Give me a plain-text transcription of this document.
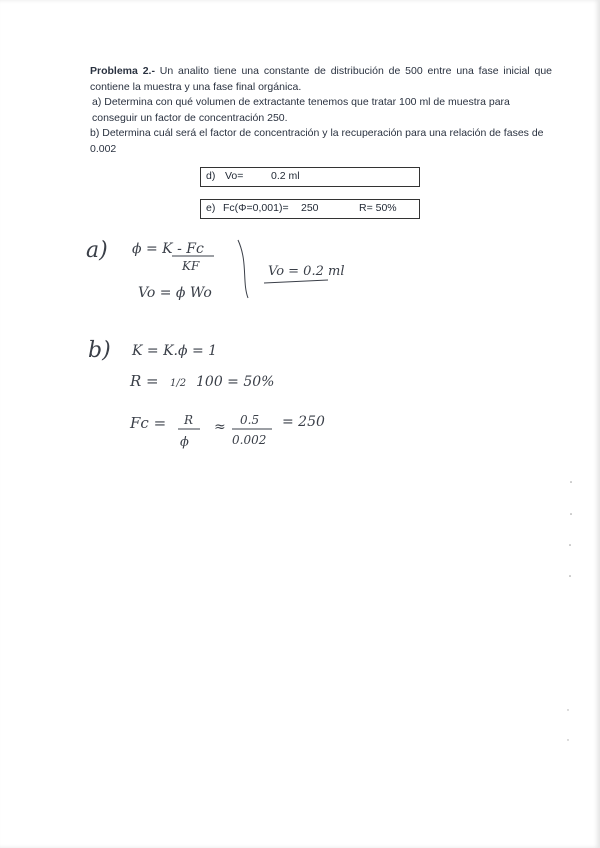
Problema 2.- Un analito tiene una constante de distribución de 500 entre una fase inicial que contiene la muestra y una fase final orgánica.

a) Determina con qué volumen de extractante tenemos que tratar 100 ml de muestra para conseguir un factor de concentración 250.

b) Determina cuál será el factor de concentración y la recuperación para una relación de fases de 0.002

d) Vo=	0.2 ml
e) Fc(Φ=0,001)= 250	R= 50%
a) ϕ = K - Fc
KF
Vo = ϕ Wo
Vo = 0.2 ml
b) K = K.ϕ = 1
R = 1/2 100 = 50%
Fc = R
ϕ
≈ 0.5
0.002
= 250
